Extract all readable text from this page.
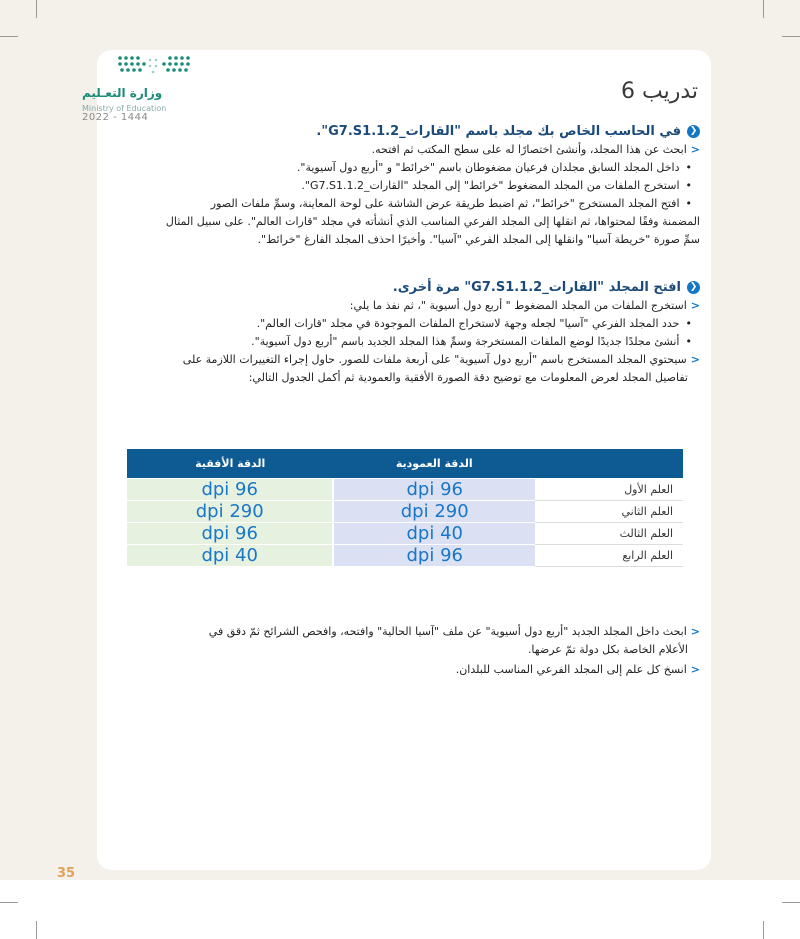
وزارة التعـليم
Ministry of Education
2022 - 1444
تدريب 6
❮في الحاسب الخاص بك مجلد باسم "القارات_G7.S1.1.2".
<ابحث عن هذا المجلد، وأنشئ اختصارًا له على سطح المكتب ثم افتحه.
• داخل المجلد السابق مجلدان فرعيان مضغوطان باسم "خرائط" و "أربع دول آسيوية".
• استخرج الملفات من المجلد المضغوط "خرائط" إلى المجلد "القارات_G7.S1.1.2".
• افتح المجلد المستخرج "خرائط"، ثم اضبط طريقة عرض الشاشة على لوحة المعاينة، وسمِّ ملفات الصور
المضمنة وفقًا لمحتواها، ثم انقلها إلى المجلد الفرعي المناسب الذي أنشأته في مجلد "قارات العالم". على سبيل المثال
سمِّ صورة "خريطة آسيا" وانقلها إلى المجلد الفرعي "آسيا". وأخيرًا احذف المجلد الفارغ "خرائط".
❮افتح المجلد "القارات_G7.S1.1.2" مرة أخرى.
<استخرج الملفات من المجلد المضغوط " أربع دول أسيوية "، ثم نفذ ما يلي:
• حدد المجلد الفرعي "آسيا" لجعله وجهة لاستخراج الملفات الموجودة في مجلد "قارات العالم".
• أنشئ مجلدًا جديدًا لوضع الملفات المستخرجة وسمِّ هذا المجلد الجديد باسم "أربع دول آسيوية".
<سيحتوي المجلد المستخرج باسم "أربع دول آسيوية" على أربعة ملفات للصور. حاول إجراء التغييرات اللازمة على
تفاصيل المجلد لعرض المعلومات مع توضيح دقة الصورة الأفقية والعمودية ثم أكمل الجدول التالي:
	الدقة العمودية	الدقة الأفقية
العلم الأول	96 dpi	96 dpi
العلم الثاني	290 dpi	290 dpi
العلم الثالث	40 dpi	96 dpi
العلم الرابع	96 dpi	40 dpi
<ابحث داخل المجلد الجديد "أربع دول أسيوية" عن ملف "آسيا الحالية" وافتحه، وافحص الشرائح ثمّ دقق في
الأعلام الخاصة بكل دولة تمّ عرضها.
<انسخ كل علم إلى المجلد الفرعي المناسب للبلدان.
35
